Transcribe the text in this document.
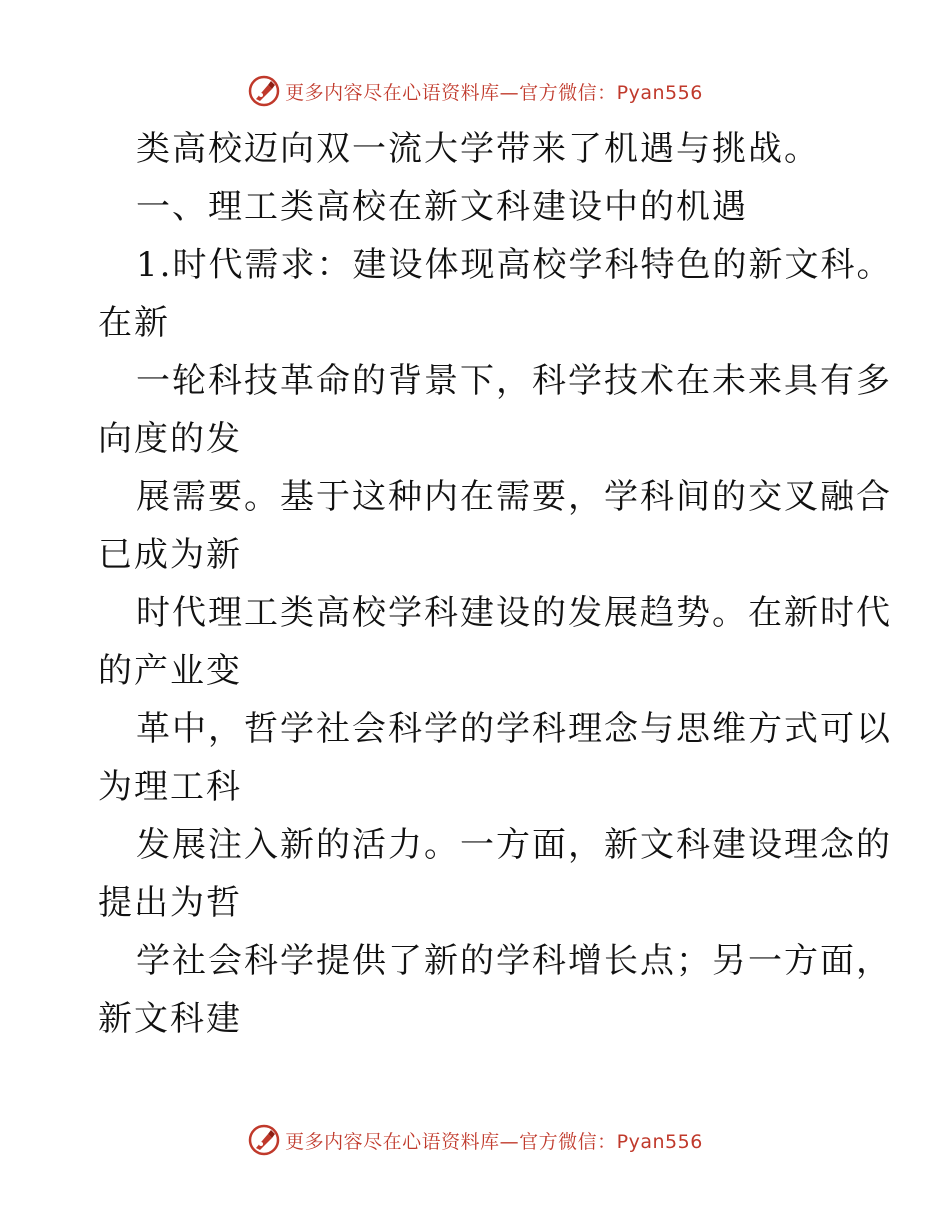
更多内容尽在心语资料库—官方微信：Pyan556
类高校迈向双一流大学带来了机遇与挑战。
一、理工类高校在新文科建设中的机遇
1.时代需求：建设体现高校学科特色的新文科。
在新
一轮科技革命的背景下，科学技术在未来具有多
向度的发
展需要。基于这种内在需要，学科间的交叉融合
已成为新
时代理工类高校学科建设的发展趋势。在新时代
的产业变
革中，哲学社会科学的学科理念与思维方式可以
为理工科
发展注入新的活力。一方面，新文科建设理念的
提出为哲
学社会科学提供了新的学科增长点；另一方面，
新文科建
更多内容尽在心语资料库—官方微信：Pyan556
